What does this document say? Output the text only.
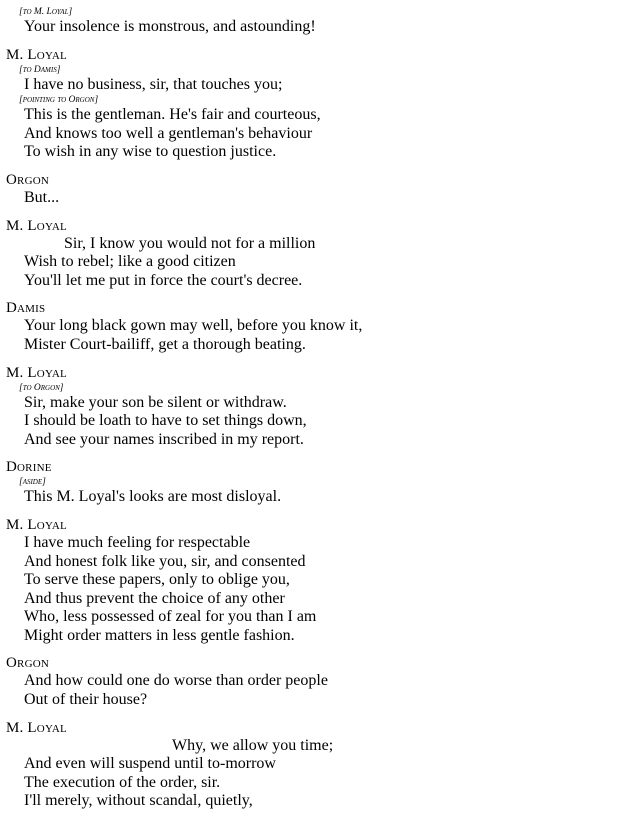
[to M. Loyal]
Your insolence is monstrous, and astounding!
M. Loyal
[to Damis]
I have no business, sir, that touches you;
[pointing to Orgon]
This is the gentleman. He's fair and courteous,
And knows too well a gentleman's behaviour
To wish in any wise to question justice.
Orgon
But...
M. Loyal
Sir, I know you would not for a million
Wish to rebel; like a good citizen
You'll let me put in force the court's decree.
Damis
Your long black gown may well, before you know it,
Mister Court-bailiff, get a thorough beating.
M. Loyal
[to Orgon]
Sir, make your son be silent or withdraw.
I should be loath to have to set things down,
And see your names inscribed in my report.
Dorine
[aside]
This M. Loyal's looks are most disloyal.
M. Loyal
I have much feeling for respectable
And honest folk like you, sir, and consented
To serve these papers, only to oblige you,
And thus prevent the choice of any other
Who, less possessed of zeal for you than I am
Might order matters in less gentle fashion.
Orgon
And how could one do worse than order people
Out of their house?
M. Loyal
Why, we allow you time;
And even will suspend until to-morrow
The execution of the order, sir.
I'll merely, without scandal, quietly,
